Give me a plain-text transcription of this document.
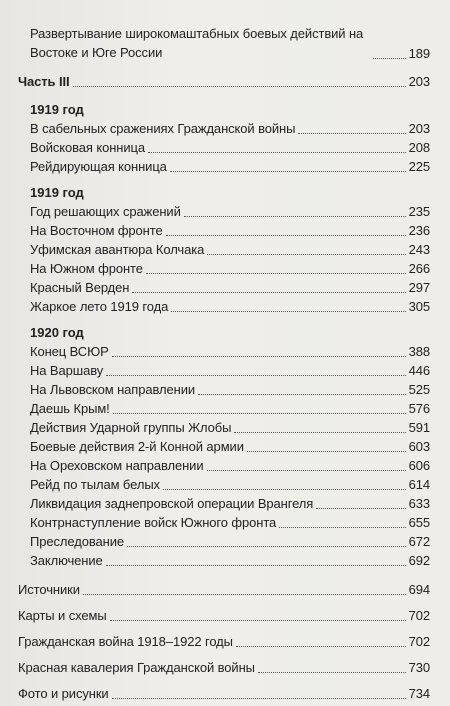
Развертывание широкомаштабных боевых действий на Востоке и Юге России	189
Часть III	203
1919 год
В сабельных сражениях Гражданской войны	203
Войсковая конница	208
Рейдирующая конница	225
1919 год
Год решающих сражений	235
На Восточном фронте	236
Уфимская авантюра Колчака	243
На Южном фронте	266
Красный Верден	297
Жаркое лето 1919 года	305
1920 год
Конец ВСЮР	388
На Варшаву	446
На Львовском направлении	525
Даешь Крым!	576
Действия Ударной группы Жлобы	591
Боевые действия 2-й Конной армии	603
На Ореховском направлении	606
Рейд по тылам белых	614
Ликвидация заднепровской операции Врангеля	633
Контрнаступление войск Южного фронта	655
Преследование	672
Заключение	692
Источники	694
Карты и схемы	702
Гражданская война 1918–1922 годы	702
Красная кавалерия Гражданской войны	730
Фото и рисунки	734
